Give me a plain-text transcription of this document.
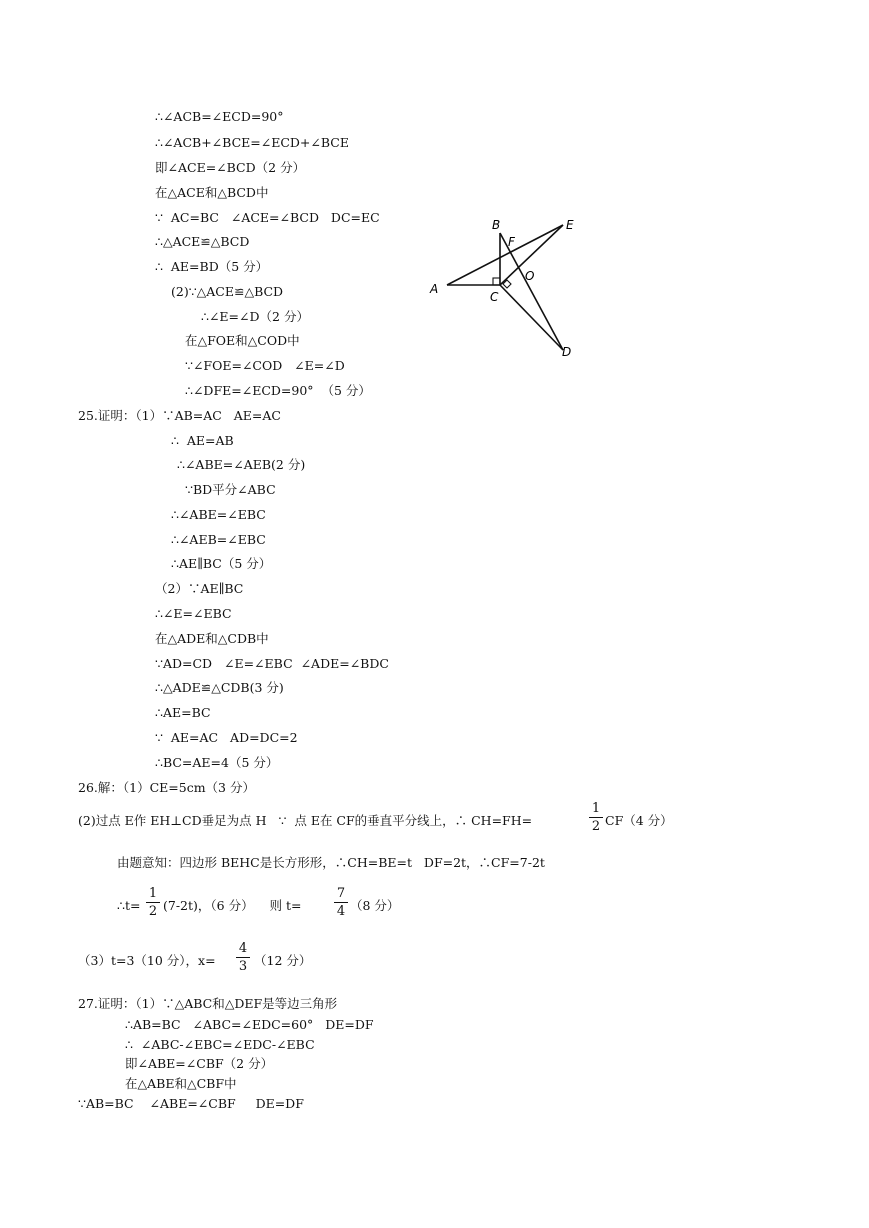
∴∠ACB=∠ECD=90°
∴∠ACB+∠BCE=∠ECD+∠BCE
即∠ACE=∠BCD（2 分）
在△ACE和△BCD中
∵  AC=BC   ∠ACE=∠BCD   DC=EC
∴△ACE≌△BCD
∴  AE=BD（5 分）
(2)∵△ACE≌△BCD
∴∠E=∠D（2 分）
在△FOE和△COD中
∵∠FOE=∠COD   ∠E=∠D
∴∠DFE=∠ECD=90°  （5 分）
25.证明：（1）∵AB=AC   AE=AC
∴  AE=AB
∴∠ABE=∠AEB(2 分)
∵BD平分∠ABC
∴∠ABE=∠EBC
∴∠AEB=∠EBC
∴AE∥BC（5 分）
（2）∵AE∥BC
∴∠E=∠EBC
在△ADE和△CDB中
∵AD=CD   ∠E=∠EBC  ∠ADE=∠BDC
∴△ADE≌△CDB(3 分)
∴AE=BC
∵  AE=AC   AD=DC=2
∴BC=AE=4（5 分）
26.解：（1）CE=5cm（3 分）
(2)过点 E作 EH⊥CD垂足为点 H   ∵  点 E在 CF的垂直平分线上，∴ CH=FH=	$\frac{1}{2} CF(4$ 分）
由题意知：四边形 BEHC是长方形形，∴CH=BE=t   DF=2t，∴CF=7-2t
∴t= $\frac{1}{2} (7-2t)$，（6 分）    则 t=	$\frac{7}{4} (8$ 分）
（3）t=3（10 分），$x= \frac{4}{3} (12$ 分）
27.证明：（1）∵△ABC和△DEF是等边三角形
∴AB=BC   ∠ABC=∠EDC=60°   DE=DF
∴  ∠ABC-∠EBC=∠EDC-∠EBC
即∠ABE=∠CBF（2 分）
在△ABE和△CBF中
∵AB=BC    ∠ABE=∠CBF     DE=DF
A
B
C
D
E
F
O
